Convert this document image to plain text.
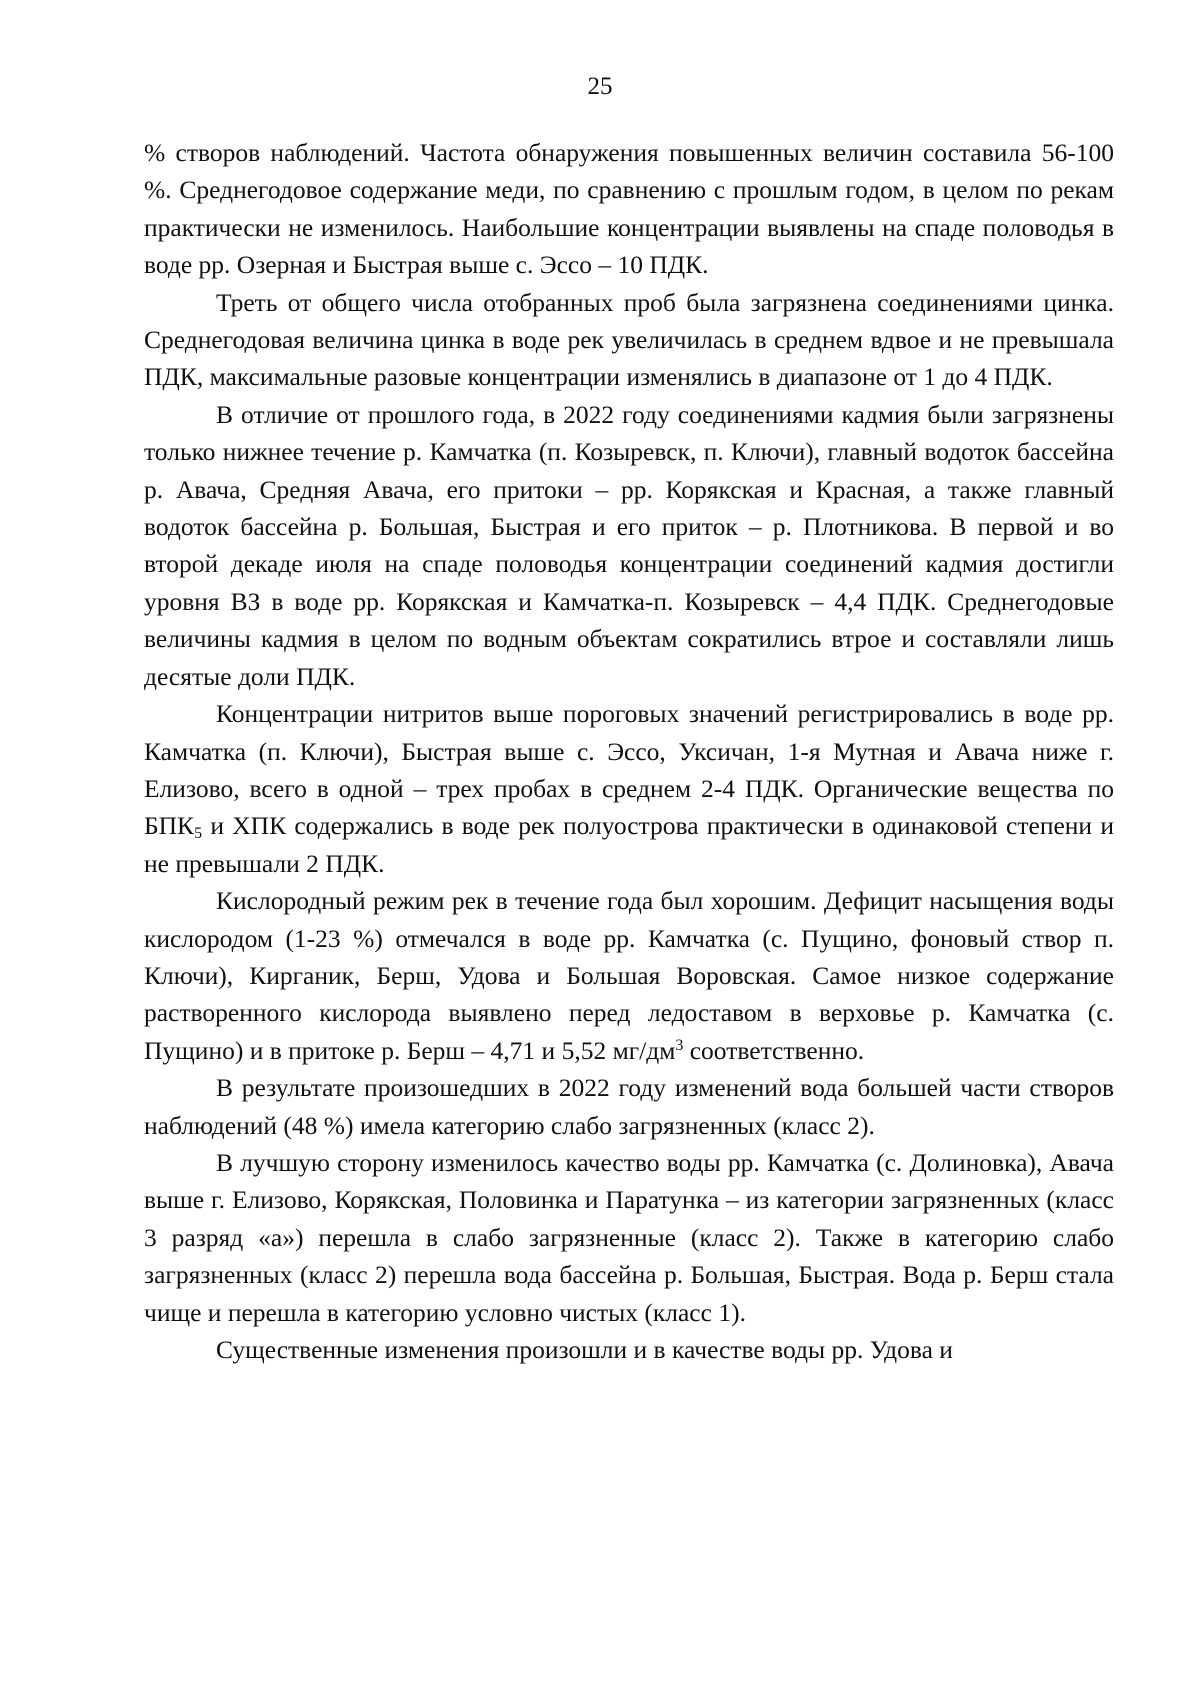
25

% створов наблюдений. Частота обнаружения повышенных величин составила 56-100 %. Среднегодовое содержание меди, по сравнению с прошлым годом, в целом по рекам практически не изменилось. Наибольшие концентрации выявлены на спаде половодья в воде рр. Озерная и Быстрая выше с. Эссо – 10 ПДК.

Треть от общего числа отобранных проб была загрязнена соединениями цинка. Среднегодовая величина цинка в воде рек увеличилась в среднем вдвое и не превышала ПДК, максимальные разовые концентрации изменялись в диапазоне от 1 до 4 ПДК.

В отличие от прошлого года, в 2022 году соединениями кадмия были загрязнены только нижнее течение р. Камчатка (п. Козыревск, п. Ключи), главный водоток бассейна р. Авача, Средняя Авача, его притоки – рр. Корякская и Красная, а также главный водоток бассейна р. Большая, Быстрая и его приток – р. Плотникова. В первой и во второй декаде июля на спаде половодья концентрации соединений кадмия достигли уровня ВЗ в воде рр. Корякская и Камчатка-п. Козыревск – 4,4 ПДК. Среднегодовые величины кадмия в целом по водным объектам сократились втрое и составляли лишь десятые доли ПДК.

Концентрации нитритов выше пороговых значений регистрировались в воде рр. Камчатка (п. Ключи), Быстрая выше с. Эссо, Уксичан, 1-я Мутная и Авача ниже г. Елизово, всего в одной – трех пробах в среднем 2-4 ПДК. Органические вещества по $БПК_5$ и ХПК содержались в воде рек полуострова практически в одинаковой степени и не превышали 2 ПДК.

Кислородный режим рек в течение года был хорошим. Дефицит насыщения воды кислородом (1-23 %) отмечался в воде рр. Камчатка (с. Пущино, фоновый створ п. Ключи), Кирганик, Берш, Удова и Большая Воровская. Самое низкое содержание растворенного кислорода выявлено перед ледоставом в верховье р. Камчатка (с. Пущино) и в притоке р. Берш – 4,71 и 5,52 $мг/дм^3$ соответственно.

В результате произошедших в 2022 году изменений вода большей части створов наблюдений (48 %) имела категорию слабо загрязненных (класс 2).

В лучшую сторону изменилось качество воды рр. Камчатка (с. Долиновка), Авача выше г. Елизово, Корякская, Половинка и Паратунка – из категории загрязненных (класс 3 разряд «а») перешла в слабо загрязненные (класс 2). Также в категорию слабо загрязненных (класс 2) перешла вода бассейна р. Большая, Быстрая. Вода р. Берш стала чище и перешла в категорию условно чистых (класс 1).

Существенные изменения произошли и в качестве воды рр. Удова и
